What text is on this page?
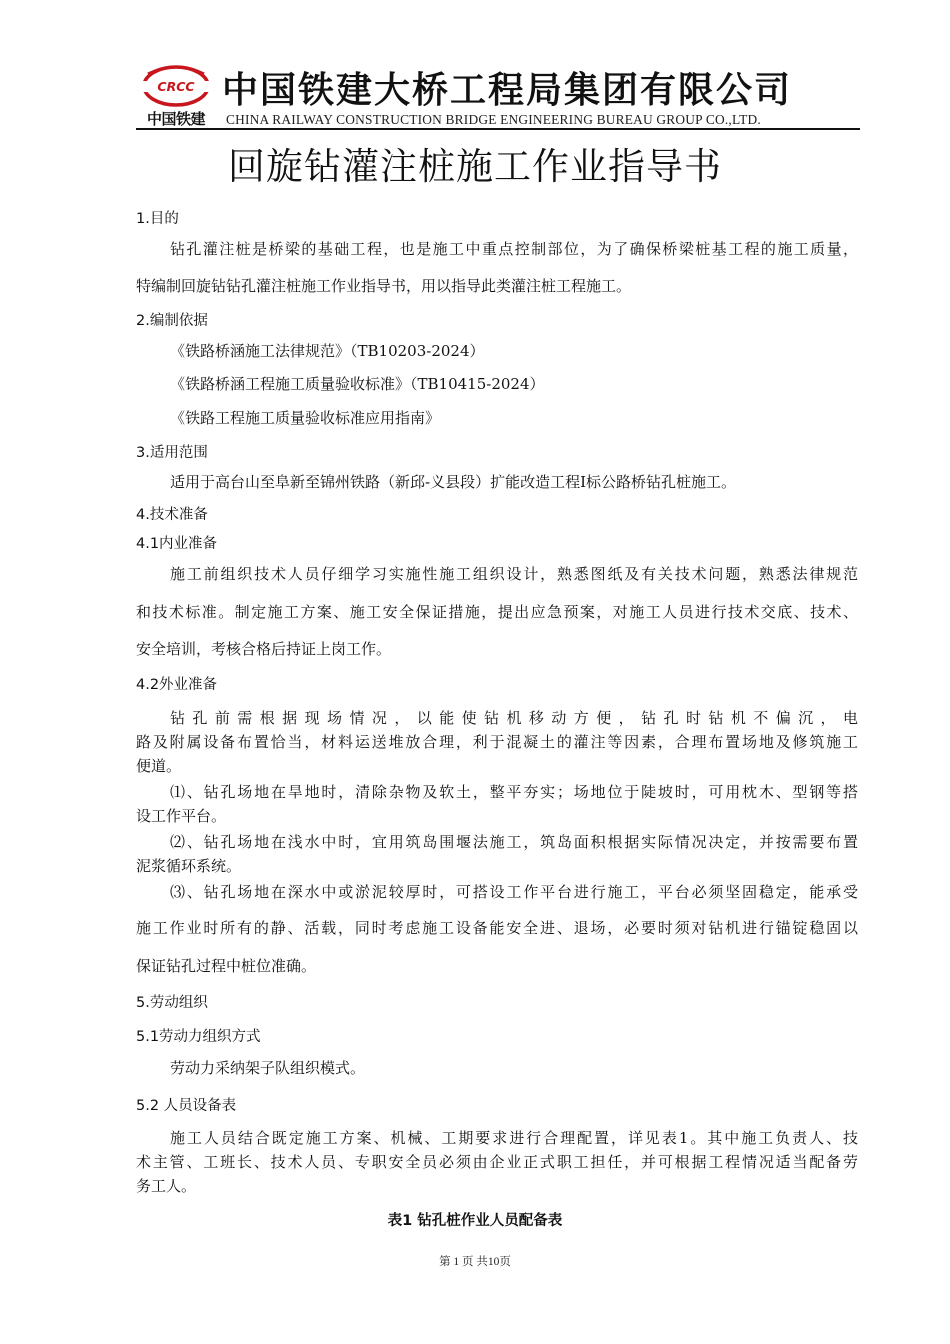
CRCC
中国铁建
中国铁建大桥工程局集团有限公司
CHINA RAILWAY CONSTRUCTION BRIDGE ENGINEERING BUREAU GROUP CO.,LTD.
回旋钻灌注桩施工作业指导书
1.目的
钻孔灌注桩是桥梁的基础工程，也是施工中重点控制部位，为了确保桥梁桩基工程的施工质量，
特编制回旋钻钻孔灌注桩施工作业指导书，用以指导此类灌注桩工程施工。
2.编制依据
《铁路桥涵施工法律规范》（TB10203-2024）
《铁路桥涵工程施工质量验收标准》（TB10415-2024）
《铁路工程施工质量验收标准应用指南》
3.适用范围
适用于高台山至阜新至锦州铁路（新邱-义县段）扩能改造工程Ⅰ标公路桥钻孔桩施工。
4.技术准备
4.1内业准备
施工前组织技术人员仔细学习实施性施工组织设计，熟悉图纸及有关技术问题，熟悉法律规范
和技术标准。制定施工方案、施工安全保证措施，提出应急预案，对施工人员进行技术交底、技术、
安全培训，考核合格后持证上岗工作。
4.2外业准备
钻孔前需根据现场情况，以能使钻机移动方便，钻孔时钻机不偏沉，电
路及附属设备布置恰当，材料运送堆放合理，利于混凝土的灌注等因素，合理布置场地及修筑施工
便道。
⑴、钻孔场地在旱地时，清除杂物及软土，整平夯实；场地位于陡坡时，可用枕木、型钢等搭
设工作平台。
⑵、钻孔场地在浅水中时，宜用筑岛围堰法施工，筑岛面积根据实际情况决定，并按需要布置
泥浆循环系统。
⑶、钻孔场地在深水中或淤泥较厚时，可搭设工作平台进行施工，平台必须坚固稳定，能承受
施工作业时所有的静、活载，同时考虑施工设备能安全进、退场，必要时须对钻机进行锚锭稳固以
保证钻孔过程中桩位准确。
5.劳动组织
5.1劳动力组织方式
劳动力采纳架子队组织模式。
5.2 人员设备表
施工人员结合既定施工方案、机械、工期要求进行合理配置，详见表1。其中施工负责人、技
术主管、工班长、技术人员、专职安全员必须由企业正式职工担任，并可根据工程情况适当配备劳
务工人。
表1 钻孔桩作业人员配备表
第 1 页 共10页
